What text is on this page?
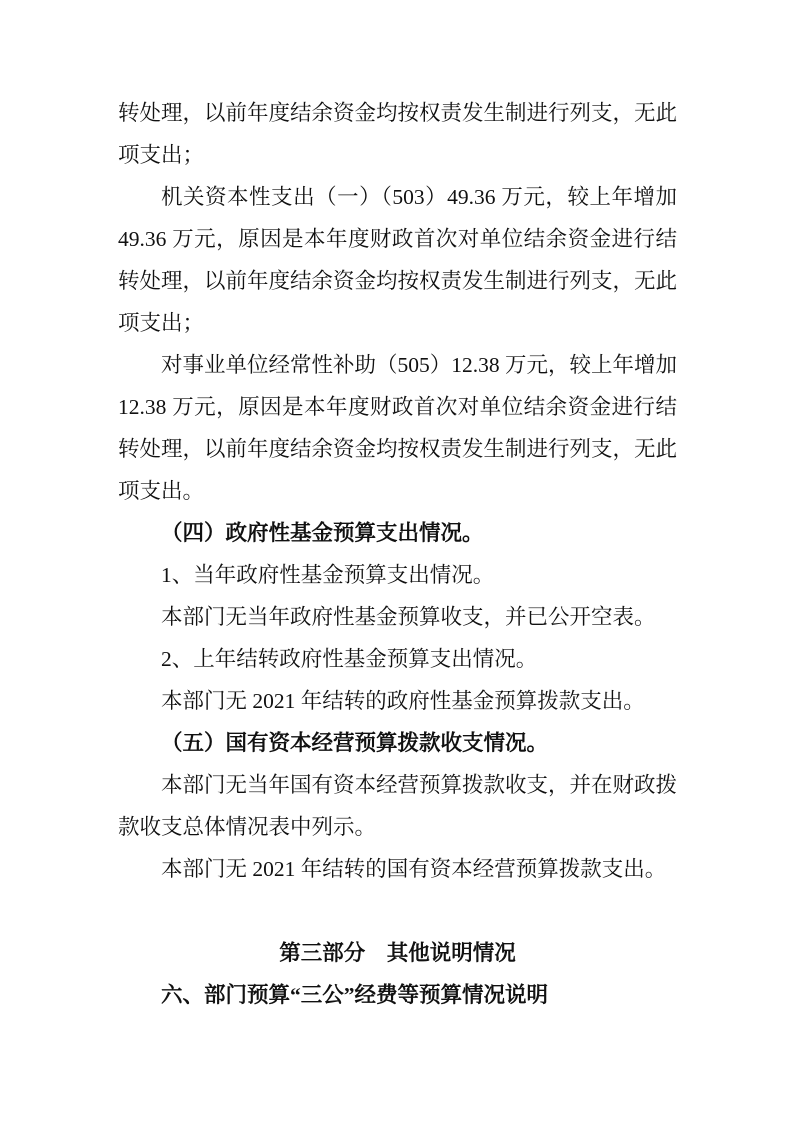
转处理，以前年度结余资金均按权责发生制进行列支，无此项支出；

机关资本性支出（一）（503）49.36 万元，较上年增加 49.36 万元，原因是本年度财政首次对单位结余资金进行结转处理，以前年度结余资金均按权责发生制进行列支，无此项支出；

对事业单位经常性补助（505）12.38 万元，较上年增加 12.38 万元，原因是本年度财政首次对单位结余资金进行结转处理，以前年度结余资金均按权责发生制进行列支，无此项支出。

（四）政府性基金预算支出情况。

1、当年政府性基金预算支出情况。

本部门无当年政府性基金预算收支，并已公开空表。

2、上年结转政府性基金预算支出情况。

本部门无 2021 年结转的政府性基金预算拨款支出。

（五）国有资本经营预算拨款收支情况。

本部门无当年国有资本经营预算拨款收支，并在财政拨款收支总体情况表中列示。

本部门无 2021 年结转的国有资本经营预算拨款支出。

第三部分　其他说明情况

六、部门预算“三公”经费等预算情况说明
